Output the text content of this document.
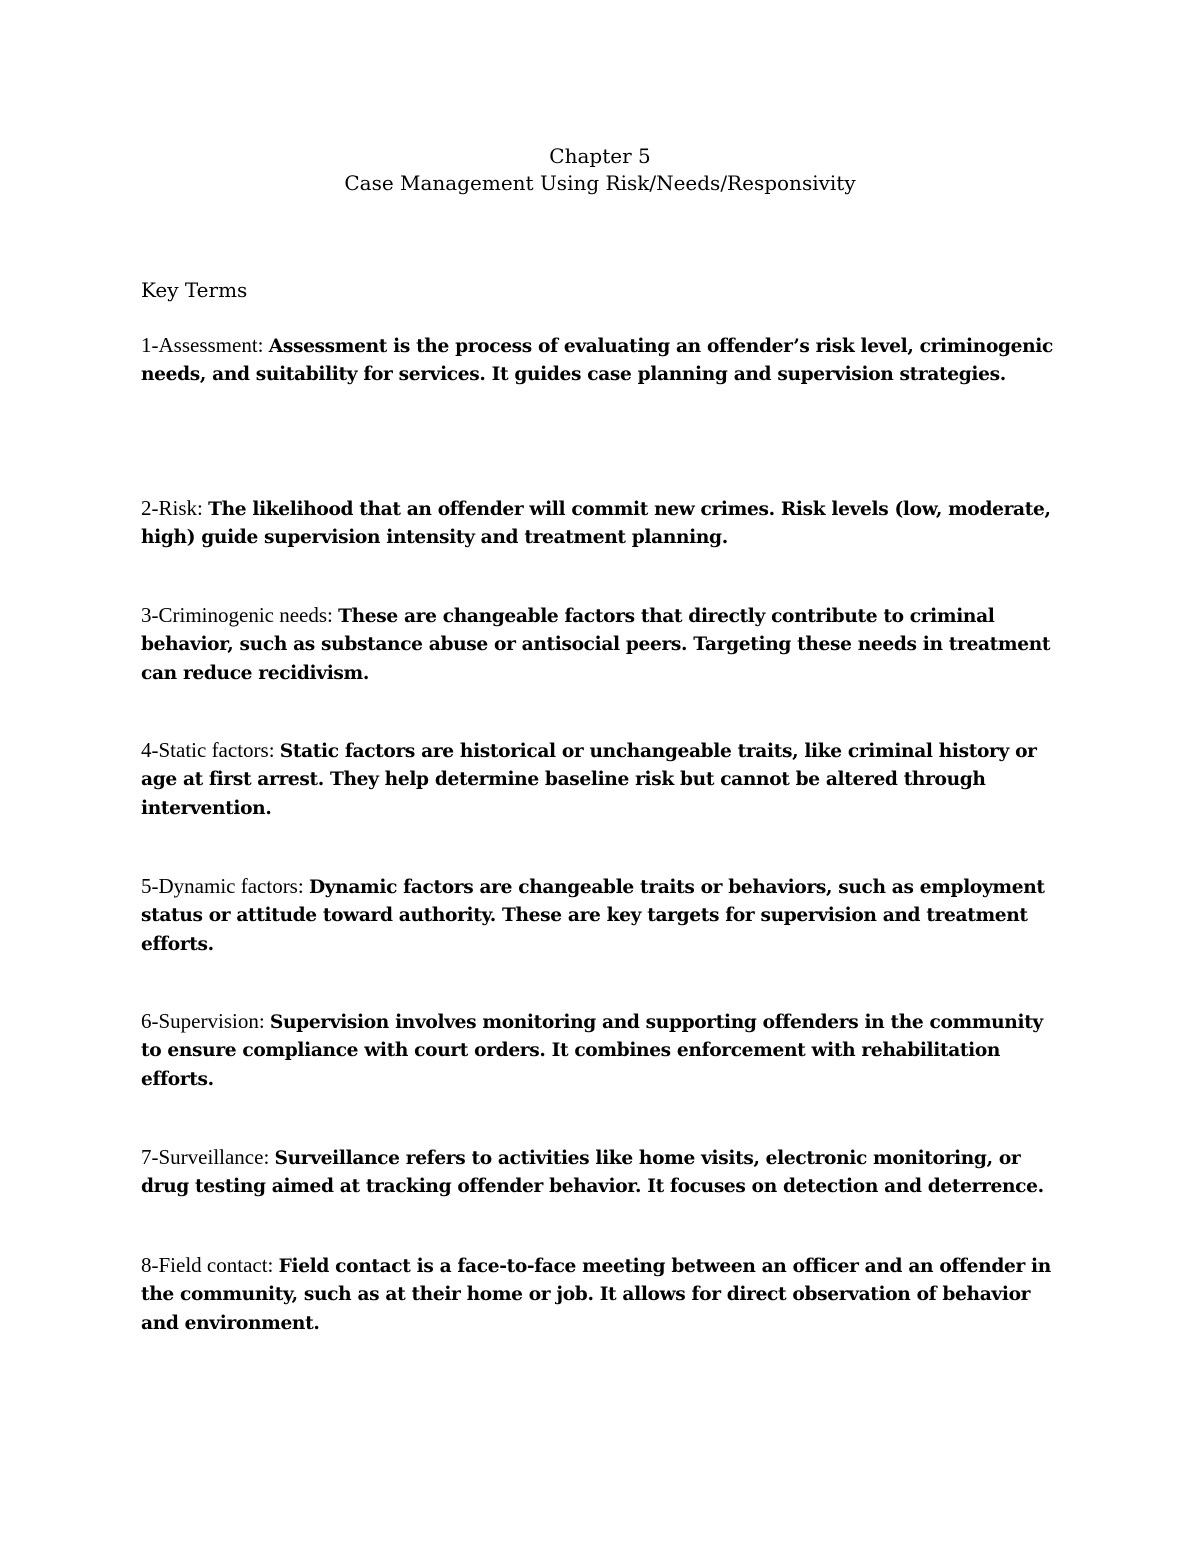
Chapter 5
Case Management Using Risk/Needs/Responsivity
Key Terms
1-Assessment: Assessment is the process of evaluating an offender’s risk level, criminogenic needs, and suitability for services. It guides case planning and supervision strategies.
2-Risk: The likelihood that an offender will commit new crimes. Risk levels (low, moderate, high) guide supervision intensity and treatment planning.
3-Criminogenic needs: These are changeable factors that directly contribute to criminal behavior, such as substance abuse or antisocial peers. Targeting these needs in treatment can reduce recidivism.
4-Static factors: Static factors are historical or unchangeable traits, like criminal history or age at first arrest. They help determine baseline risk but cannot be altered through intervention.
5-Dynamic factors: Dynamic factors are changeable traits or behaviors, such as employment status or attitude toward authority. These are key targets for supervision and treatment efforts.
6-Supervision: Supervision involves monitoring and supporting offenders in the community to ensure compliance with court orders. It combines enforcement with rehabilitation efforts.
7-Surveillance: Surveillance refers to activities like home visits, electronic monitoring, or drug testing aimed at tracking offender behavior. It focuses on detection and deterrence.
8-Field contact: Field contact is a face-to-face meeting between an officer and an offender in the community, such as at their home or job. It allows for direct observation of behavior and environment.
